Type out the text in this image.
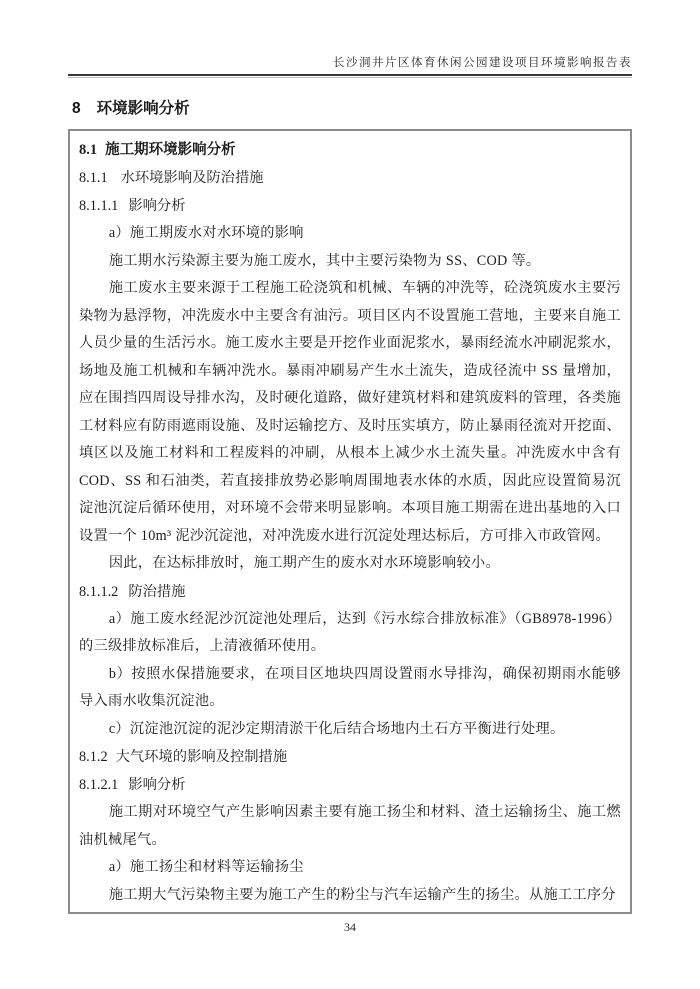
长沙洞井片区体育休闲公园建设项目环境影响报告表
8 环境影响分析

8.1 施工期环境影响分析

8.1.1 水环境影响及防治措施

8.1.1.1 影响分析

a）施工期废水对水环境的影响

施工期水污染源主要为施工废水，其中主要污染物为 SS、COD 等。

施工废水主要来源于工程施工砼浇筑和机械、车辆的冲洗等，砼浇筑废水主要污染物为悬浮物，冲洗废水中主要含有油污。项目区内不设置施工营地，主要来自施工人员少量的生活污水。施工废水主要是开挖作业面泥浆水，暴雨经流水冲刷泥浆水，场地及施工机械和车辆冲洗水。暴雨冲刷易产生水土流失，造成径流中 SS 量增加，应在围挡四周设导排水沟，及时硬化道路，做好建筑材料和建筑废料的管理，各类施工材料应有防雨遮雨设施、及时运输挖方、及时压实填方，防止暴雨径流对开挖面、填区以及施工材料和工程废料的冲刷，从根本上减少水土流失量。冲洗废水中含有 COD、SS 和石油类，若直接排放势必影响周围地表水体的水质，因此应设置简易沉淀池沉淀后循环使用，对环境不会带来明显影响。本项目施工期需在进出基地的入口设置一个 10m³ 泥沙沉淀池，对冲洗废水进行沉淀处理达标后，方可排入市政管网。

因此，在达标排放时，施工期产生的废水对水环境影响较小。

8.1.1.2 防治措施

a）施工废水经泥沙沉淀池处理后，达到《污水综合排放标准》（GB8978-1996）的三级排放标准后，上清液循环使用。

b）按照水保措施要求，在项目区地块四周设置雨水导排沟，确保初期雨水能够导入雨水收集沉淀池。

c）沉淀池沉淀的泥沙定期清淤干化后结合场地内土石方平衡进行处理。

8.1.2 大气环境的影响及控制措施

8.1.2.1 影响分析

施工期对环境空气产生影响因素主要有施工扬尘和材料、渣土运输扬尘、施工燃油机械尾气。

a）施工扬尘和材料等运输扬尘

施工期大气污染物主要为施工产生的粉尘与汽车运输产生的扬尘。从施工工序分

34
